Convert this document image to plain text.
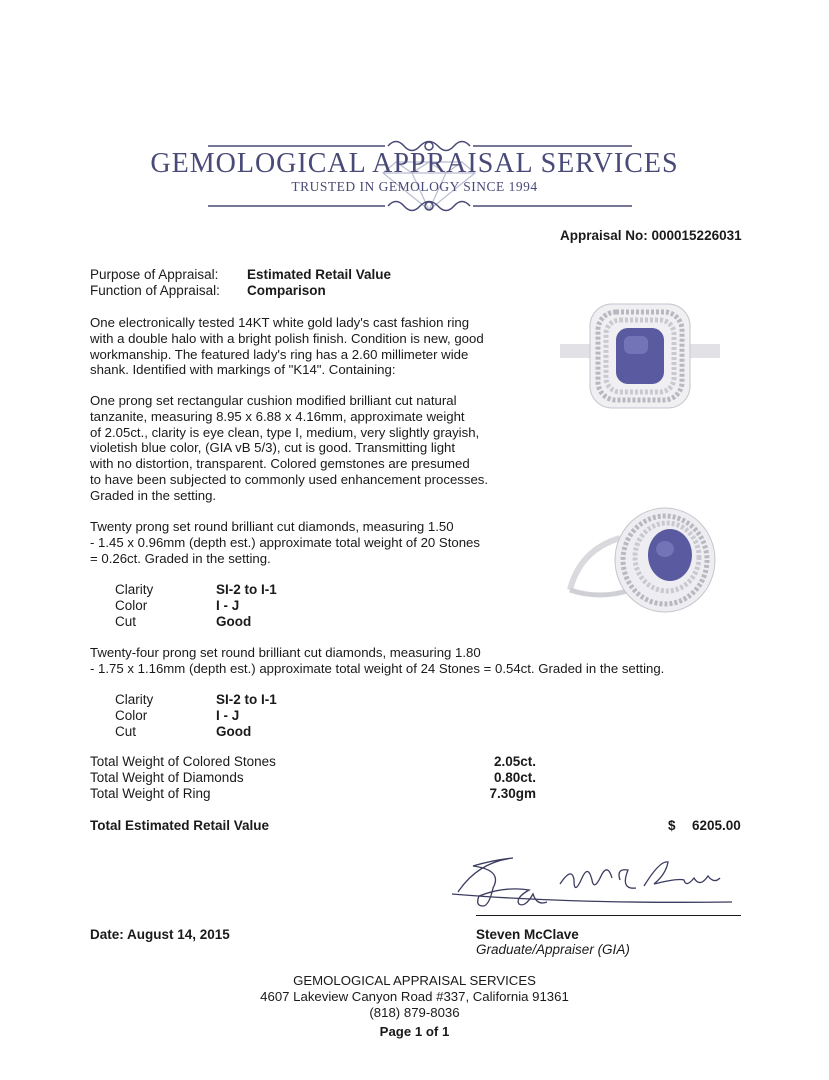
GEMOLOGICAL APPRAISAL SERVICES
TRUSTED IN GEMOLOGY SINCE 1994
Appraisal No: 000015226031
Purpose of Appraisal: Estimated Retail Value
Function of Appraisal: Comparison
One electronically tested 14KT white gold lady's cast fashion ring
with a double halo with a bright polish finish. Condition is new, good
workmanship. The featured lady's ring has a 2.60 millimeter wide
shank. Identified with markings of "K14". Containing:
One prong set rectangular cushion modified brilliant cut natural
tanzanite, measuring 8.95 x 6.88 x 4.16mm, approximate weight
of 2.05ct., clarity is eye clean, type I, medium, very slightly grayish,
violetish blue color, (GIA vB 5/3), cut is good. Transmitting light
with no distortion, transparent. Colored gemstones are presumed
to have been subjected to commonly used enhancement processes.
Graded in the setting.
Twenty prong set round brilliant cut diamonds, measuring 1.50
- 1.45 x 0.96mm (depth est.) approximate total weight of 20 Stones
= 0.26ct. Graded in the setting.
Clarity	SI-2 to I-1
Color	I - J
Cut	Good
Twenty-four prong set round brilliant cut diamonds, measuring 1.80
- 1.75 x 1.16mm (depth est.) approximate total weight of 24 Stones = 0.54ct. Graded in the setting.
Clarity	SI-2 to I-1
Color	I - J
Cut	Good
Total Weight of Colored Stones	2.05ct.
Total Weight of Diamonds	0.80ct.
Total Weight of Ring	7.30gm
Total Estimated Retail Value	$ 6205.00
Date: August 14, 2015	Steven McClave
Graduate/Appraiser (GIA)
GEMOLOGICAL APPRAISAL SERVICES
4607 Lakeview Canyon Road #337, California 91361
(818) 879-8036
Page 1 of 1
